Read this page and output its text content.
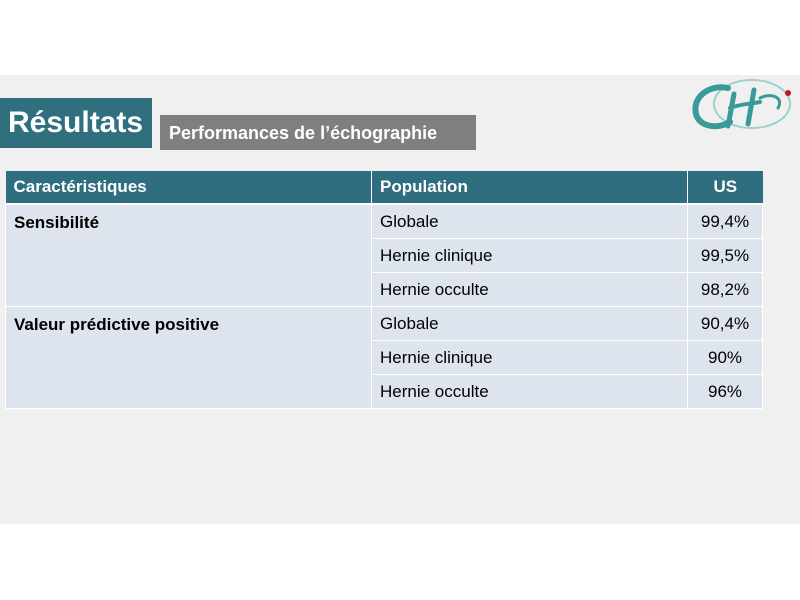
Résultats	Performances de l’échographie
Caractéristiques	Population	US
Sensibilité	Globale	99,4%
	Hernie clinique	99,5%
	Hernie occulte	98,2%
Valeur prédictive positive	Globale	90,4%
	Hernie clinique	90%
	Hernie occulte	96%
